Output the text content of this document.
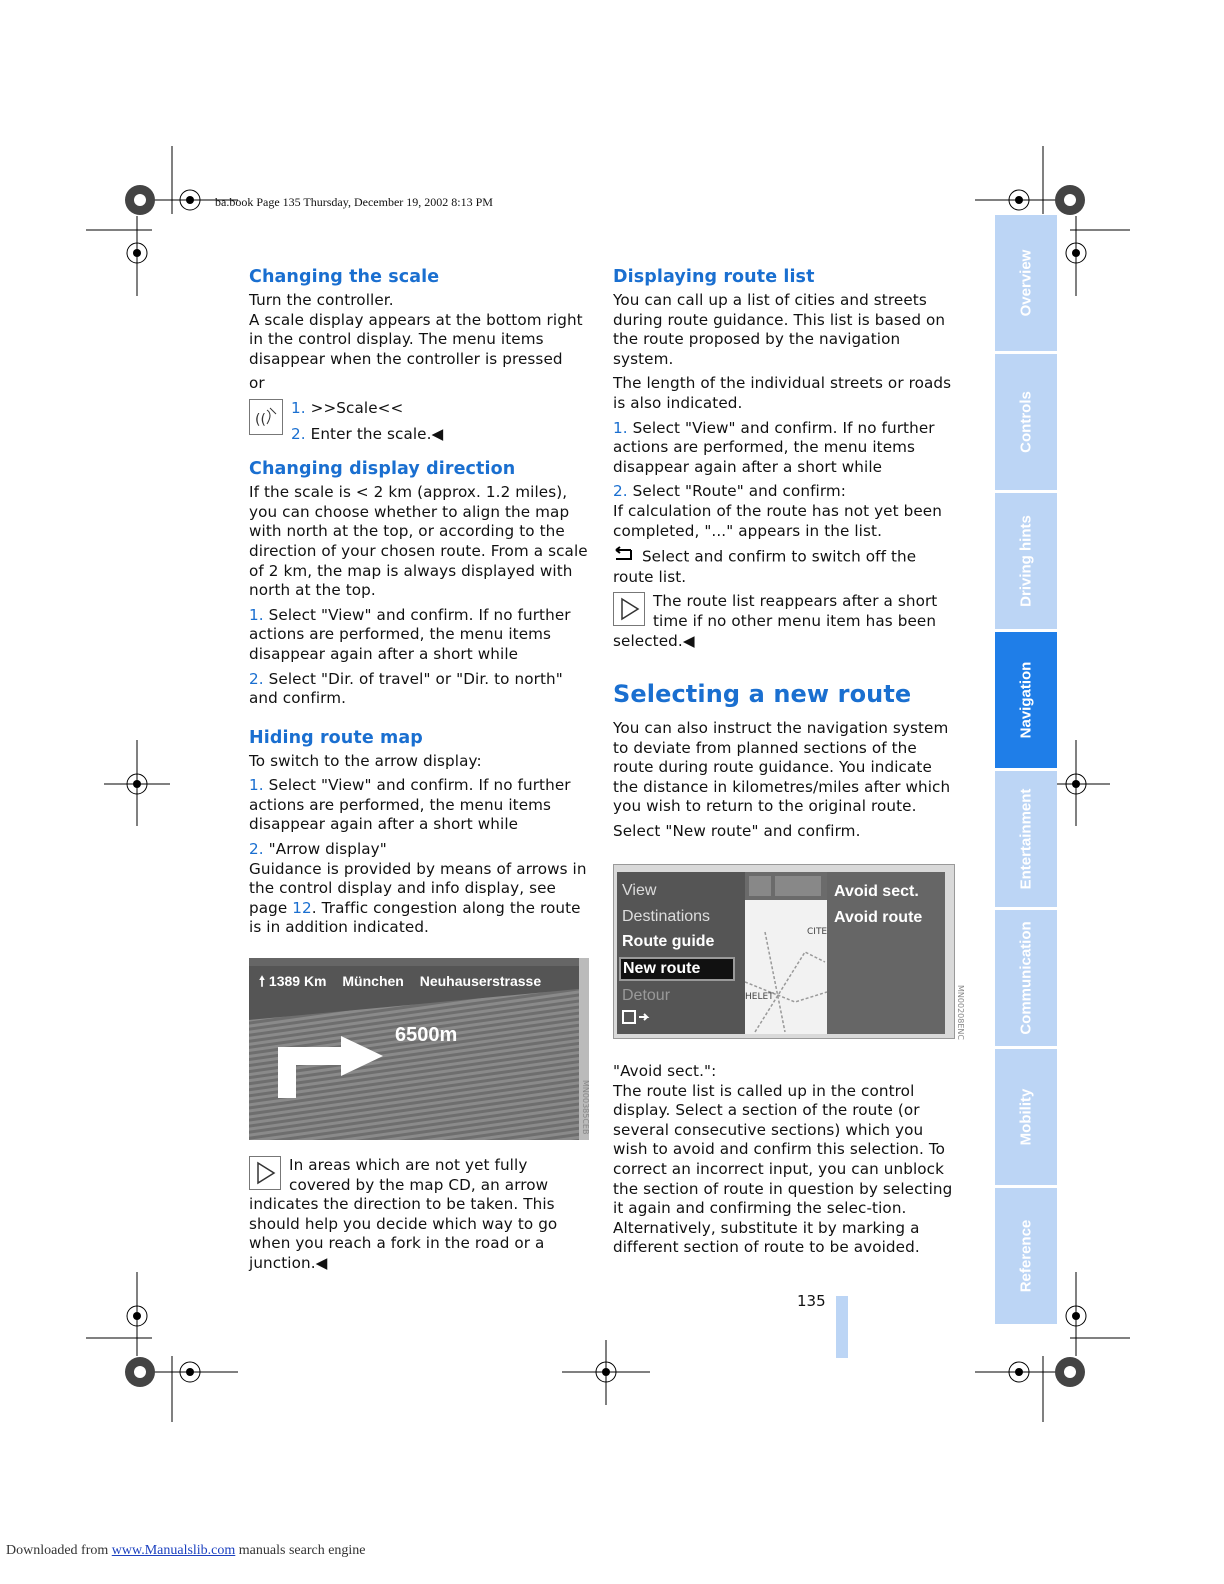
ba.book Page 135 Thursday, December 19, 2002 8:13 PM
Changing the scale

Turn the controller.

A scale display appears at the bottom right in the control display. The menu items disappear when the controller is pressed

or

((
1. >>Scale<<
2. Enter the scale.◀
Changing display direction

If the scale is < 2 km (approx. 1.2 miles), you can choose whether to align the map with north at the top, or according to the direction of your chosen route. From a scale of 2 km, the map is always displayed with north at the top.

1. Select "View" and confirm. If no further actions are performed, the menu items disappear again after a short while

2. Select "Dir. of travel" or "Dir. to north" and confirm.

Hiding route map

To switch to the arrow display:

1. Select "View" and confirm. If no further actions are performed, the menu items disappear again after a short while

2. "Arrow display"

Guidance is provided by means of arrows in the control display and info display, see page 12. Traffic congestion along the route is in addition indicated.

🠕 1389 Km München Neuhauserstrasse
6500m
MN00385CEB
In areas which are not yet fully covered by the map CD, an arrow indicates the direction to be taken. This should help you decide which way to go when you reach a fork in the road or a junction.◀
Displaying route list

You can call up a list of cities and streets during route guidance. This list is based on the route proposed by the navigation system.

The length of the individual streets or roads is also indicated.

1. Select "View" and confirm. If no further actions are performed, the menu items disappear again after a short while

2. Select "Route" and confirm:

If calculation of the route has not yet been completed, "..." appears in the list.

Select and confirm to switch off the route list.

The route list reappears after a short time if no other menu item has been selected.◀
Selecting a new route

You can also instruct the navigation system to deviate from planned sections of the route during route guidance. You indicate the distance in kilometres/miles after which you wish to return to the original route.

Select "New route" and confirm.

CITE
HELET
View
Destinations
Route guide
New route
Detour
Avoid sect.
Avoid route
MN00208ENC

"Avoid sect.":

The route list is called up in the control display. Select a section of the route (or several consecutive sections) which you wish to avoid and confirm this selection. To correct an incorrect input, you can unblock the section of route in question by selecting it again and confirming the selec-tion. Alternatively, substitute it by marking a different section of route to be avoided.

Overview
Controls
Driving hints
Navigation
Entertainment
Communication
Mobility
Reference
135
Downloaded from www.Manualslib.com manuals search engine
